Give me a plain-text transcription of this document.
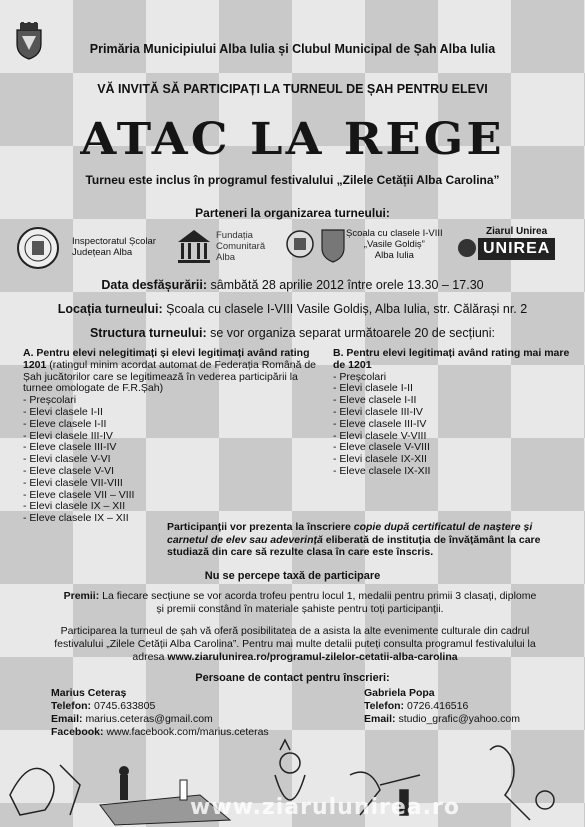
Primăria Municipiului Alba Iulia și Clubul Municipal de Șah Alba Iulia
VĂ INVITĂ SĂ PARTICIPAȚI LA TURNEUL DE ȘAH PENTRU ELEVI
ATAC LA REGE
Turneu este inclus în programul festivalului „Zilele Cetății Alba Carolina”
Parteneri la organizarea turneului:
Inspectoratul Școlar
Județean Alba
Fundația
Comunitară
Alba
Școala cu clasele I-VIII
„Vasile Goldiș”
Alba Iulia
Ziarul Unirea
UNIREA
Data desfășurării: sâmbătă 28 aprilie 2012 între orele 13.30 – 17.30
Locația turneului: Școala cu clasele I-VIII Vasile Goldiș, Alba Iulia, str. Călărași nr. 2
Structura turneului: se vor organiza separat următoarele 20 de secțiuni:
A. Pentru elevi nelegitimați și elevi legitimați având rating 1201 (ratingul minim acordat automat de Federația Română de Șah jucătorilor care se legitimează în vederea participării la turnee omologate de F.R.Șah)
- Preșcolari
- Elevi clasele I-II
- Eleve clasele I-II
- Elevi clasele III-IV
- Eleve clasele III-IV
- Elevi clasele V-VI
- Eleve clasele V-VI
- Elevi clasele VII-VIII
- Eleve clasele VII – VIII
- Elevi clasele IX – XII
- Eleve clasele IX – XII
B. Pentru elevi legitimați având rating mai mare de 1201
- Preșcolari
- Elevi clasele I-II
- Eleve clasele I-II
- Elevi clasele III-IV
- Eleve clasele III-IV
- Elevi clasele V-VIII
- Eleve clasele V-VIII
- Elevi clasele IX-XII
- Eleve clasele IX-XII
Participanții vor prezenta la înscriere copie după certificatul de naștere și carnetul de elev sau adeverință eliberată de instituția de învățământ la care studiază din care să rezulte clasa în care este înscris.
Nu se percepe taxă de participare
Premii: La fiecare secțiune se vor acorda trofeu pentru locul 1, medalii pentru primii 3 clasați, diplome și premii constând în materiale șahiste pentru toți participanții.
Participarea la turneul de șah vă oferă posibilitatea de a asista la alte evenimente culturale din cadrul festivalului „Zilele Cetății Alba Carolina”. Pentru mai multe detalii puteți consulta programul festivalului la adresa www.ziarulunirea.ro/programul-zilelor-cetatii-alba-carolina
Persoane de contact pentru înscrieri:
Marius Ceteraș
Telefon: 0745.633805
Email: marius.ceteras@gmail.com
Facebook: www.facebook.com/marius.ceteras
Gabriela Popa
Telefon: 0726.416516
Email: studio_grafic@yahoo.com
www.ziarulunirea.ro
